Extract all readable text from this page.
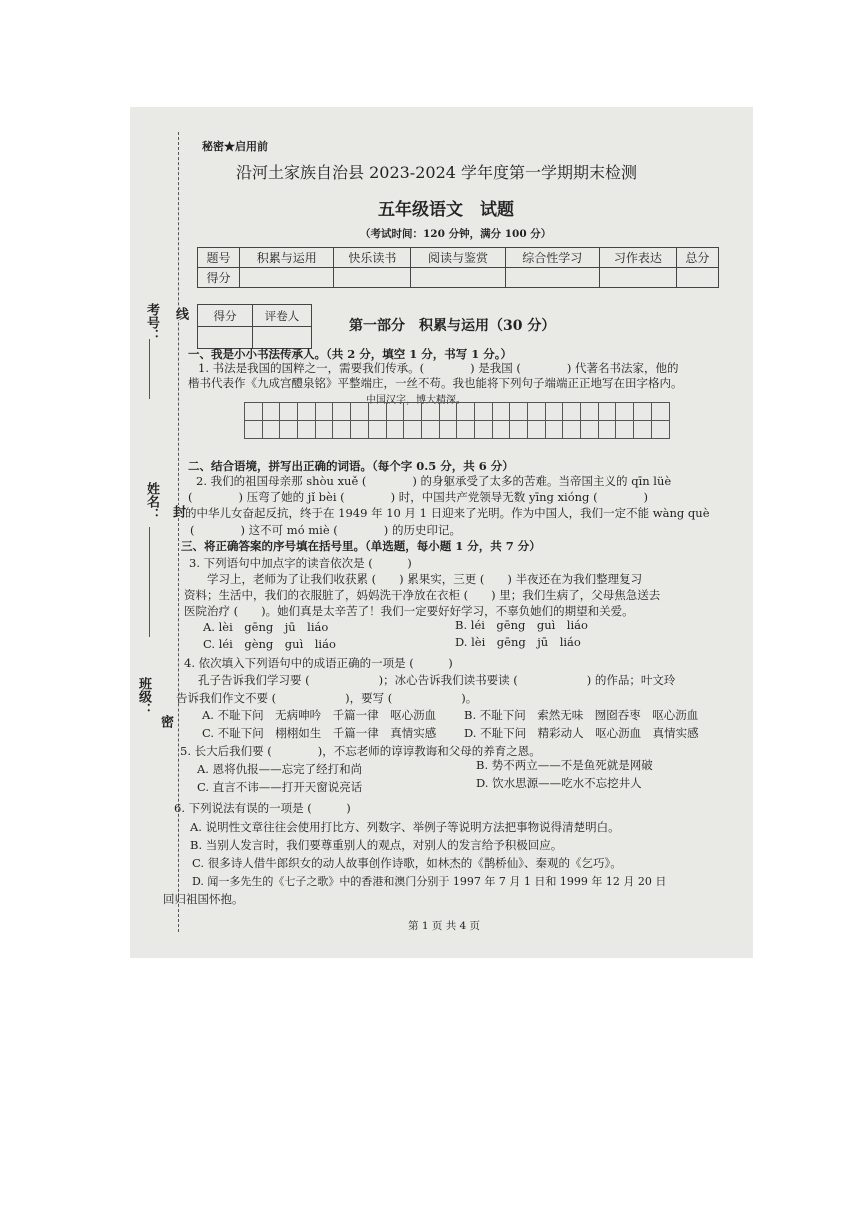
考号：
姓名：
班级：
线
封
密
秘密★启用前
沿河土家族自治县 2023-2024 学年度第一学期期末检测
五年级语文　试题
（考试时间：120 分钟，满分 100 分）
题号	积累与运用	快乐读书	阅读与鉴赏	综合性学习	习作表达	总分
得分						
得分	评卷人

第一部分　积累与运用（30 分）
一、我是小小书法传承人。（共 2 分，填空 1 分，书写 1 分。）
1. 书法是我国的国粹之一，需要我们传承。(　　　　) 是我国 (　　　　) 代著名书法家，他的
楷书代表作《九成宫醴泉铭》平整端庄，一丝不苟。我也能将下列句子端端正正地写在田字格内。
中国汉字，博大精深。

二、结合语境，拼写出正确的词语。（每个字 0.5 分，共 6 分）
2. 我们的祖国母亲那 shòu xuě (　　　　) 的身躯承受了太多的苦难。当帝国主义的 qīn lüè
(　　　　) 压弯了她的 jǐ bèi (　　　　) 时，中国共产党领导无数 yīng xióng (　　　　)
的中华儿女奋起反抗，终于在 1949 年 10 月 1 日迎来了光明。作为中国人，我们一定不能 wàng què
(　　　　) 这不可 mó miè (　　　　) 的历史印记。
三、将正确答案的序号填在括号里。（单选题，每小题 1 分，共 7 分）
3. 下列语句中加点字的读音依次是 (　　　)
学习上，老师为了让我们收获累 (　　) 累果实，三更 (　　) 半夜还在为我们整理复习
资料；生活中，我们的衣服脏了，妈妈洗干净放在衣柜 (　　) 里；我们生病了，父母焦急送去
医院治疗 (　　)。她们真是太辛苦了！我们一定要好好学习，不辜负她们的期望和关爱。
A. lèi　gēng　jū　liáo	B. léi　gēng　guì　liáo
C. léi　gèng　guì　liáo	D. lèi　gēng　jū　liáo
4. 依次填入下列语句中的成语正确的一项是 (　　　)
孔子告诉我们学习要 (　　　　　　)；冰心告诉我们读书要读 (　　　　　　) 的作品；叶文玲
告诉我们作文不要 (　　　　　　)，要写 (　　　　　　)。
A. 不耻下问　无病呻吟　千篇一律　呕心沥血 B. 不耻下问　索然无味　囫囵吞枣　呕心沥血
C. 不耻下问　栩栩如生　千篇一律　真情实感 D. 不耻下问　精彩动人　呕心沥血　真情实感
5. 长大后我们要 (　　　　)，不忘老师的谆谆教诲和父母的养育之恩。
A. 恩将仇报——忘完了经打和尚	B. 势不两立——不是鱼死就是网破
C. 直言不讳——打开天窗说亮话	D. 饮水思源——吃水不忘挖井人
6. 下列说法有误的一项是 (　　　)
A. 说明性文章往往会使用打比方、列数字、举例子等说明方法把事物说得清楚明白。
B. 当别人发言时，我们要尊重别人的观点，对别人的发言给予积极回应。
C. 很多诗人借牛郎织女的动人故事创作诗歌，如林杰的《鹊桥仙》、秦观的《乞巧》。
D. 闻一多先生的《七子之歌》中的香港和澳门分别于 1997 年 7 月 1 日和 1999 年 12 月 20 日
回归祖国怀抱。
第 1 页 共 4 页
